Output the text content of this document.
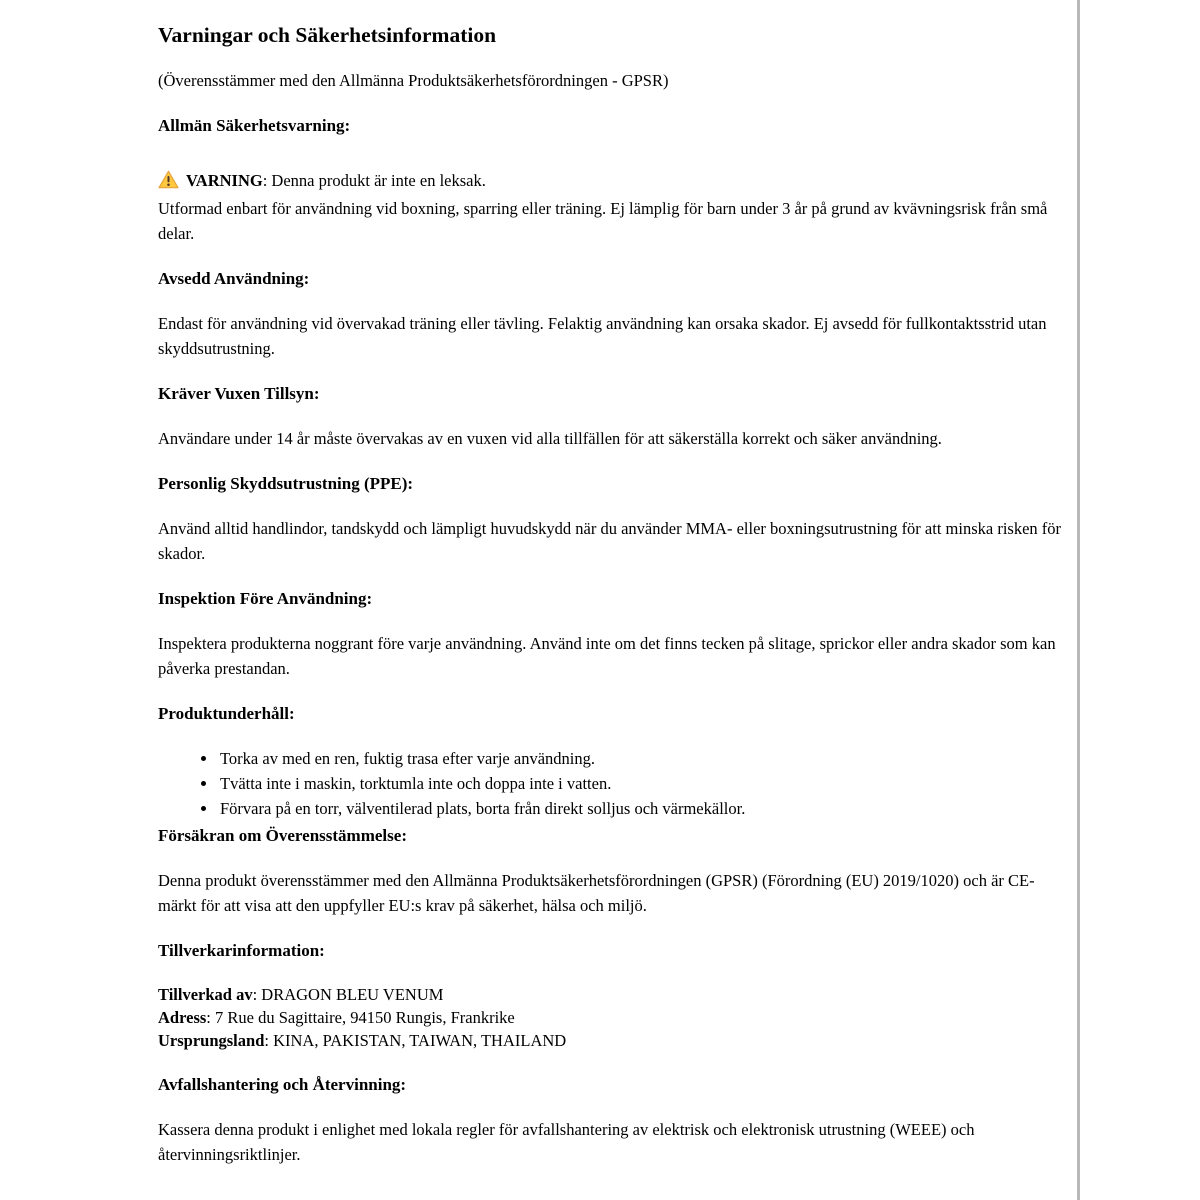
Varningar och Säkerhetsinformation

(Överensstämmer med den Allmänna Produktsäkerhetsförordningen - GPSR)

Allmän Säkerhetsvarning:

VARNING: Denna produkt är inte en leksak.
Utformad enbart för användning vid boxning, sparring eller träning. Ej lämplig för barn under 3 år på grund av kvävningsrisk från små delar.

Avsedd Användning:

Endast för användning vid övervakad träning eller tävling. Felaktig användning kan orsaka skador. Ej avsedd för fullkontaktsstrid utan skyddsutrustning.

Kräver Vuxen Tillsyn:

Användare under 14 år måste övervakas av en vuxen vid alla tillfällen för att säkerställa korrekt och säker användning.

Personlig Skyddsutrustning (PPE):

Använd alltid handlindor, tandskydd och lämpligt huvudskydd när du använder MMA- eller boxningsutrustning för att minska risken för skador.

Inspektion Före Användning:

Inspektera produkterna noggrant före varje användning. Använd inte om det finns tecken på slitage, sprickor eller andra skador som kan påverka prestandan.

Produktunderhåll:
• Torka av med en ren, fuktig trasa efter varje användning.
• Tvätta inte i maskin, torktumla inte och doppa inte i vatten.
• Förvara på en torr, välventilerad plats, borta från direkt solljus och värmekällor.
Försäkran om Överensstämmelse:

Denna produkt överensstämmer med den Allmänna Produktsäkerhetsförordningen (GPSR) (Förordning (EU) 2019/1020) och är CE-märkt för att visa att den uppfyller EU:s krav på säkerhet, hälsa och miljö.

Tillverkarinformation:

Tillverkad av: DRAGON BLEU VENUM
Adress: 7 Rue du Sagittaire, 94150 Rungis, Frankrike
Ursprungsland: KINA, PAKISTAN, TAIWAN, THAILAND

Avfallshantering och Återvinning:

Kassera denna produkt i enlighet med lokala regler för avfallshantering av elektrisk och elektronisk utrustning (WEEE) och återvinningsriktlinjer.
